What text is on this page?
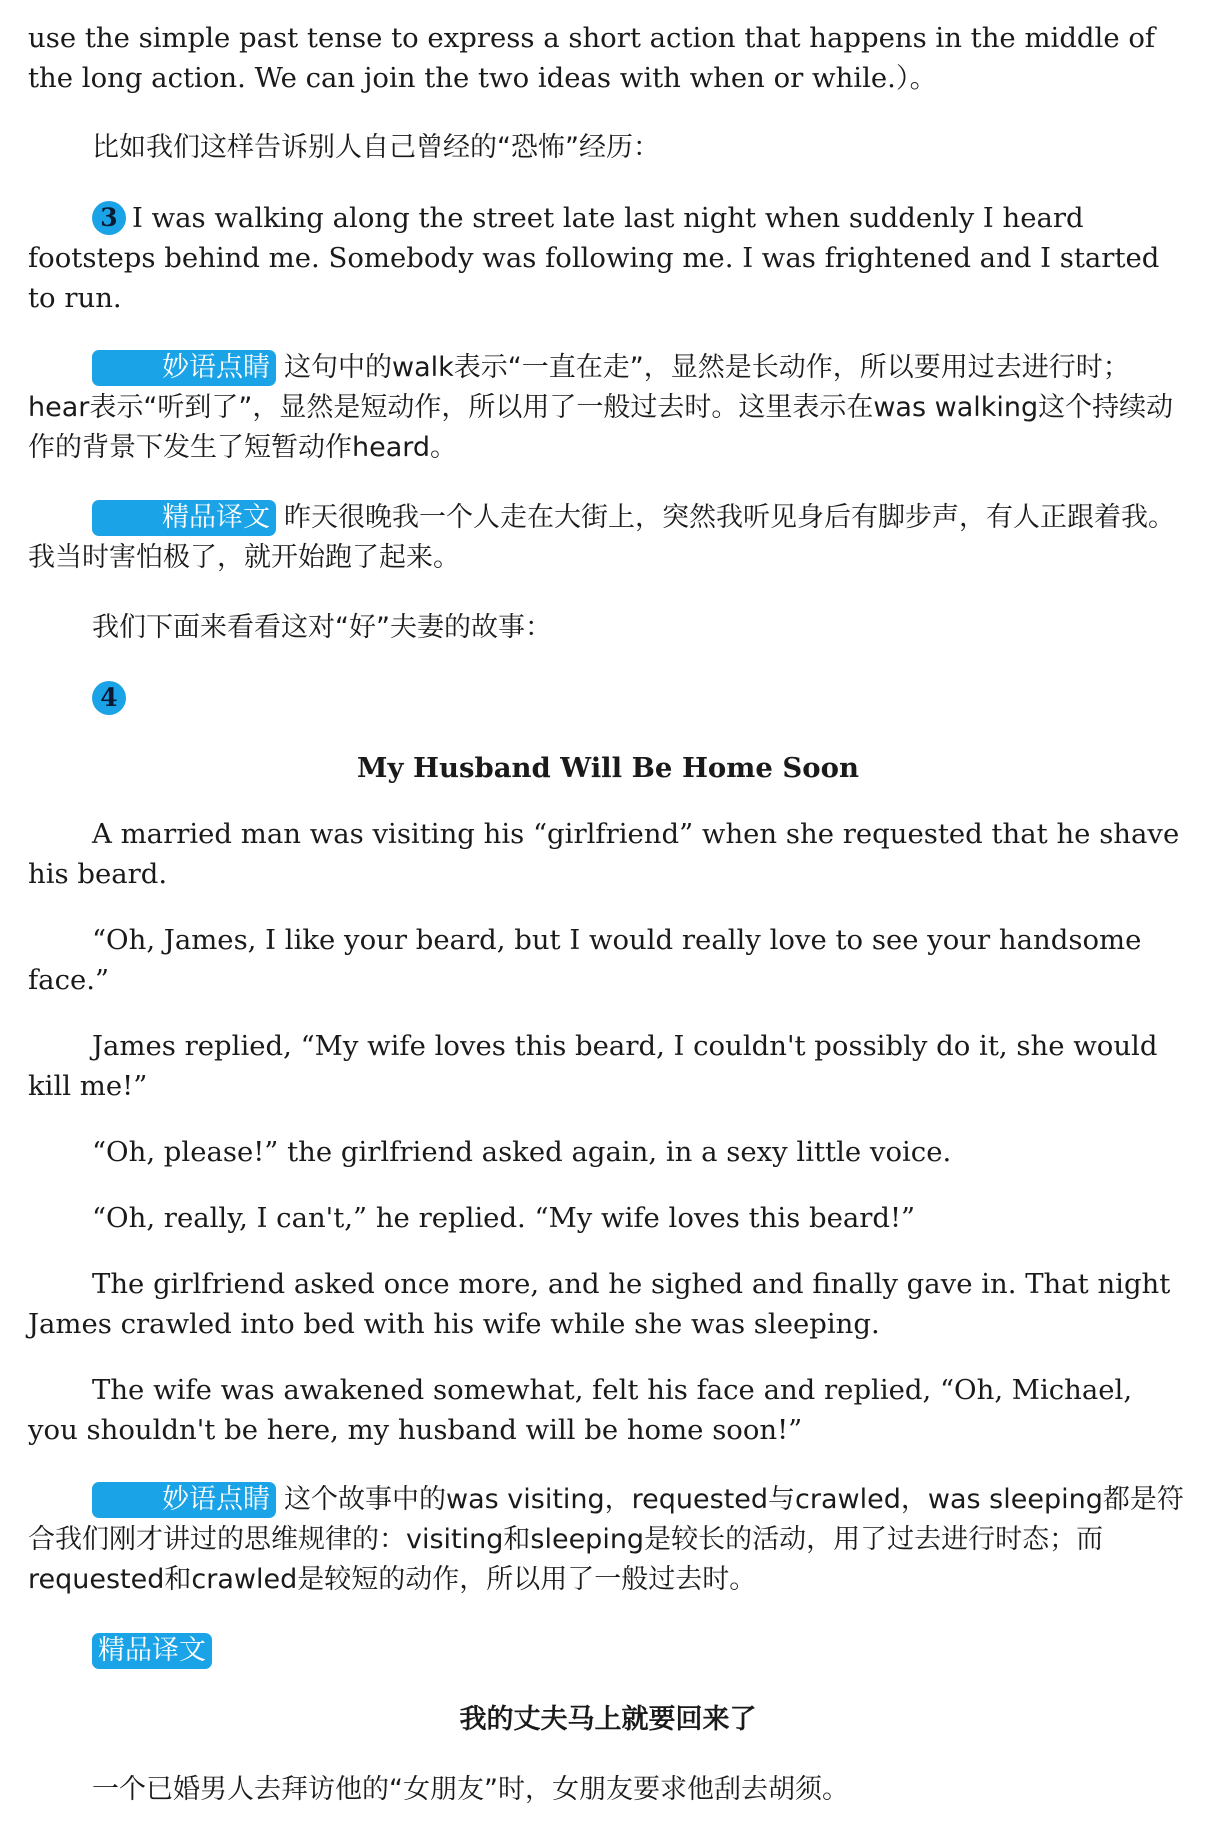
use the simple past tense to express a short action that happens in the middle of the long action. We can join the two ideas with when or while.）。

比如我们这样告诉别人自己曾经的“恐怖”经历：

3 I was walking along the street late last night when suddenly I heard footsteps behind me. Somebody was following me. I was frightened and I started to run.

妙语点睛 这句中的walk表示“一直在走”，显然是长动作，所以要用过去进行时；hear表示“听到了”，显然是短动作，所以用了一般过去时。这里表示在was walking这个持续动作的背景下发生了短暂动作heard。

精品译文 昨天很晚我一个人走在大街上，突然我听见身后有脚步声，有人正跟着我。我当时害怕极了，就开始跑了起来。

我们下面来看看这对“好”夫妻的故事：

4

My Husband Will Be Home Soon

A married man was visiting his “girlfriend” when she requested that he shave his beard.

“Oh, James, I like your beard, but I would really love to see your handsome face.”

James replied, “My wife loves this beard, I couldn't possibly do it, she would kill me!”

“Oh, please!” the girlfriend asked again, in a sexy little voice.

“Oh, really, I can't,” he replied. “My wife loves this beard!”

The girlfriend asked once more, and he sighed and finally gave in. That night James crawled into bed with his wife while she was sleeping.

The wife was awakened somewhat, felt his face and replied, “Oh, Michael, you shouldn't be here, my husband will be home soon!”

妙语点睛 这个故事中的was visiting，requested与crawled，was sleeping都是符合我们刚才讲过的思维规律的：visiting和sleeping是较长的活动，用了过去进行时态；而requested和crawled是较短的动作，所以用了一般过去时。

精品译文

我的丈夫马上就要回来了

一个已婚男人去拜访他的“女朋友”时，女朋友要求他刮去胡须。
